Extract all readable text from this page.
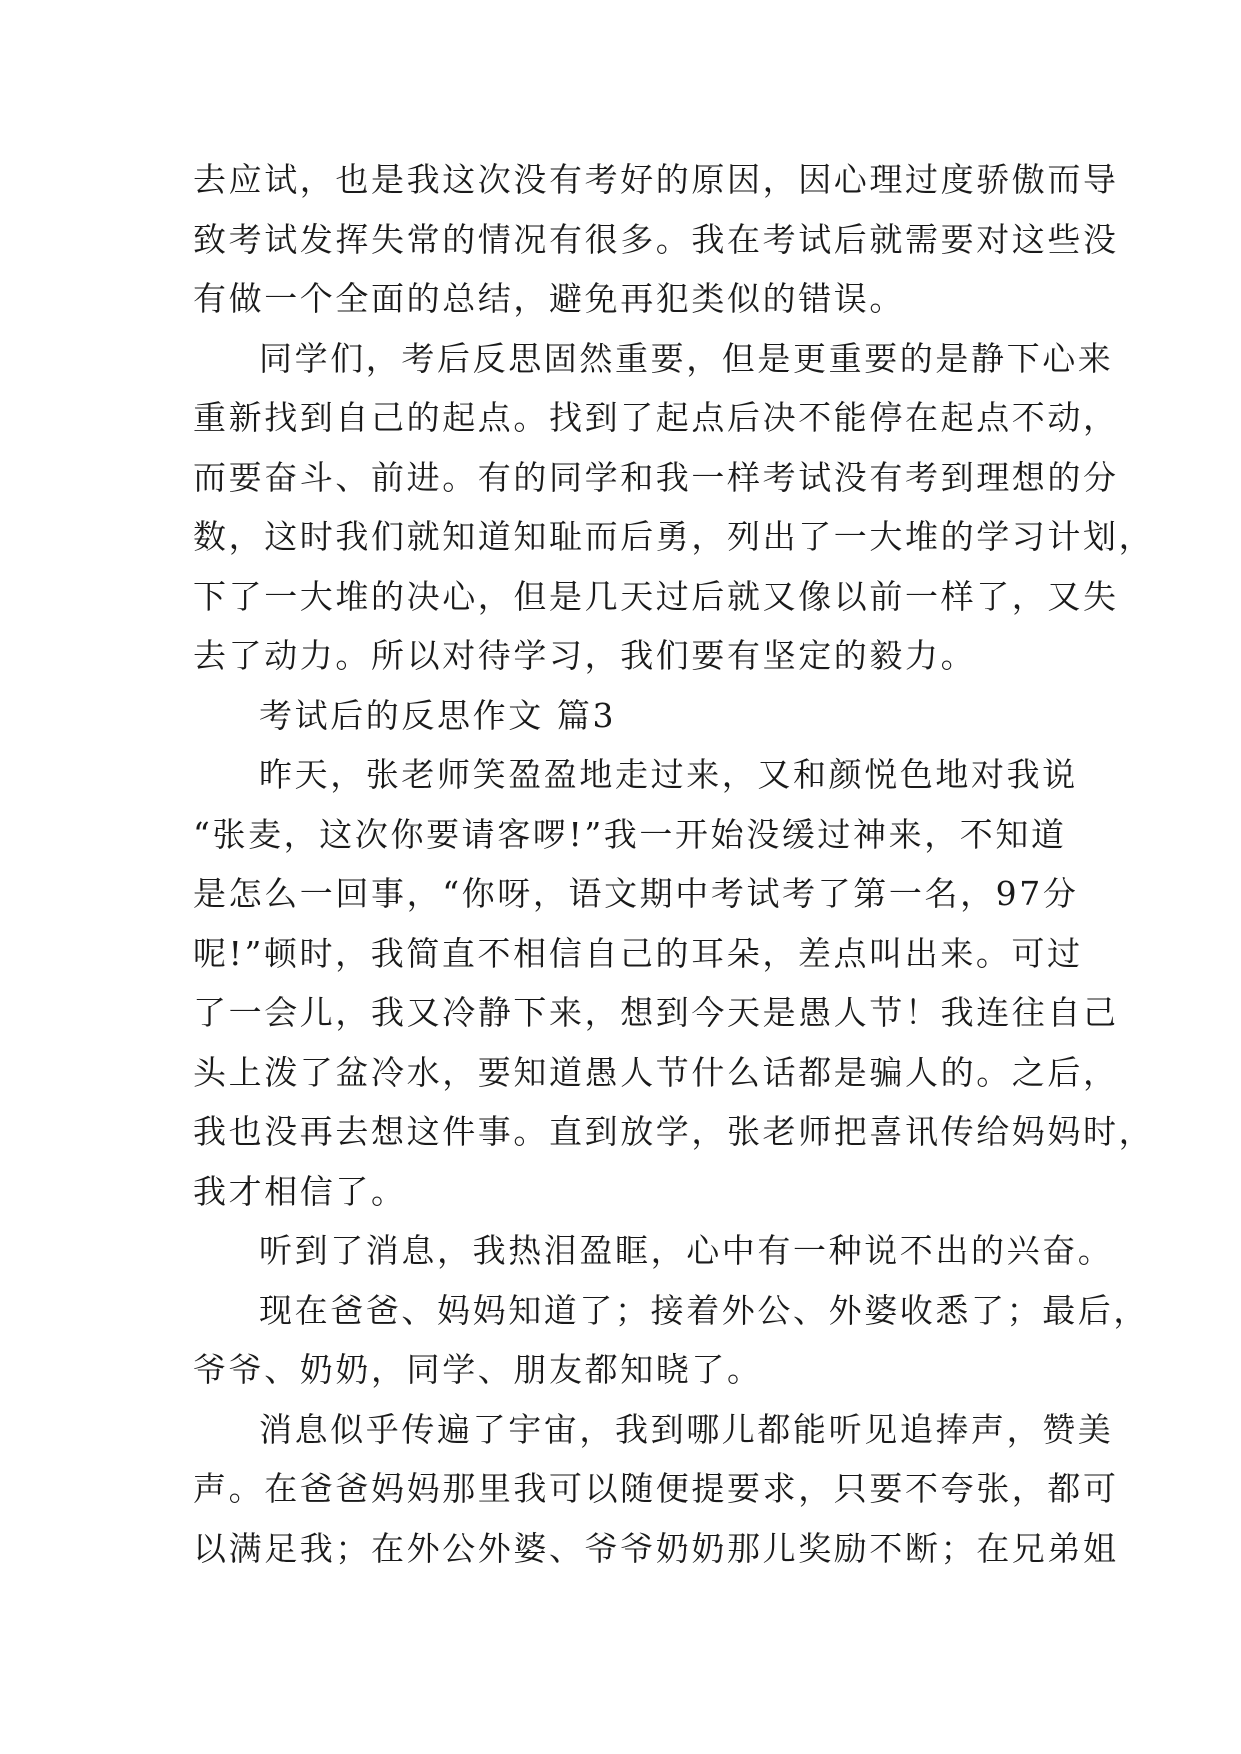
去应试，也是我这次没有考好的原因，因心理过度骄傲而导
致考试发挥失常的情况有很多。我在考试后就需要对这些没
有做一个全面的总结，避免再犯类似的错误。
同学们，考后反思固然重要，但是更重要的是静下心来
重新找到自己的起点。找到了起点后决不能停在起点不动，
而要奋斗、前进。有的同学和我一样考试没有考到理想的分
数，这时我们就知道知耻而后勇，列出了一大堆的学习计划，
下了一大堆的决心，但是几天过后就又像以前一样了，又失
去了动力。所以对待学习，我们要有坚定的毅力。
考试后的反思作文 篇3
昨天，张老师笑盈盈地走过来，又和颜悦色地对我说
“张麦，这次你要请客啰!”我一开始没缓过神来，不知道
是怎么一回事，“你呀，语文期中考试考了第一名，97分
呢!”顿时，我简直不相信自己的耳朵，差点叫出来。可过
了一会儿，我又冷静下来，想到今天是愚人节！我连往自己
头上泼了盆冷水，要知道愚人节什么话都是骗人的。之后，
我也没再去想这件事。直到放学，张老师把喜讯传给妈妈时，
我才相信了。
听到了消息，我热泪盈眶，心中有一种说不出的兴奋。
现在爸爸、妈妈知道了；接着外公、外婆收悉了；最后，
爷爷、奶奶，同学、朋友都知晓了。
消息似乎传遍了宇宙，我到哪儿都能听见追捧声，赞美
声。在爸爸妈妈那里我可以随便提要求，只要不夸张，都可
以满足我；在外公外婆、爷爷奶奶那儿奖励不断；在兄弟姐
